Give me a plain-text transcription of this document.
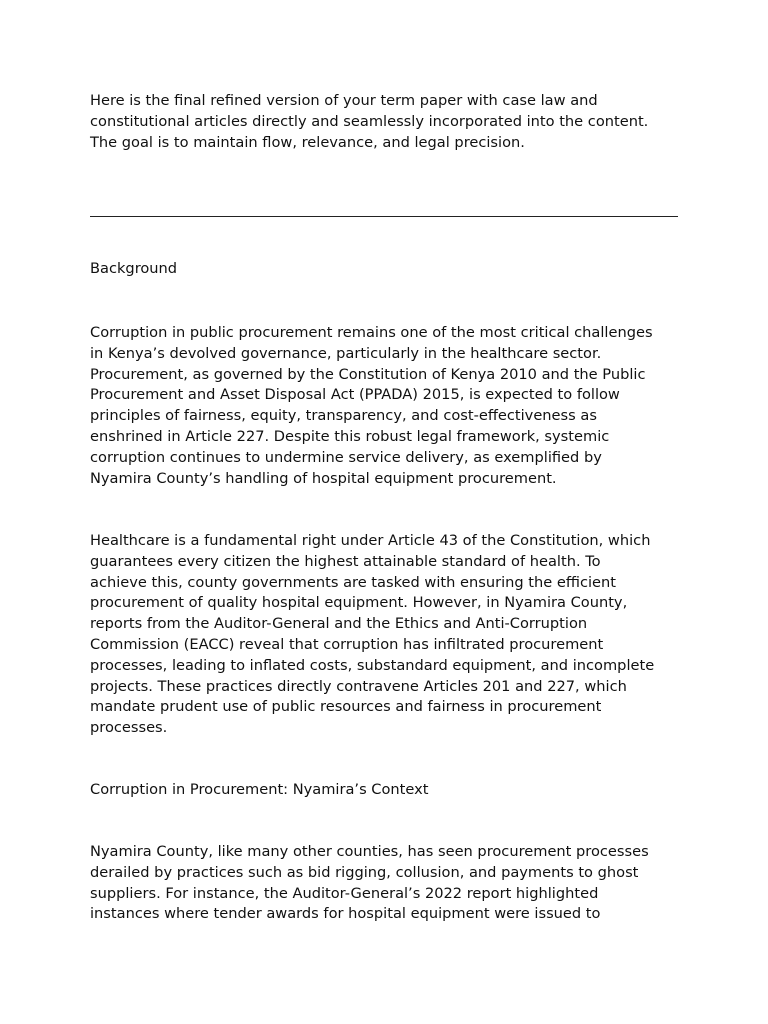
Here is the final refined version of your term paper with case law and
constitutional articles directly and seamlessly incorporated into the content.
The goal is to maintain flow, relevance, and legal precision.

Background

Corruption in public procurement remains one of the most critical challenges
in Kenya’s devolved governance, particularly in the healthcare sector.
Procurement, as governed by the Constitution of Kenya 2010 and the Public
Procurement and Asset Disposal Act (PPADA) 2015, is expected to follow
principles of fairness, equity, transparency, and cost-effectiveness as
enshrined in Article 227. Despite this robust legal framework, systemic
corruption continues to undermine service delivery, as exemplified by
Nyamira County’s handling of hospital equipment procurement.

Healthcare is a fundamental right under Article 43 of the Constitution, which
guarantees every citizen the highest attainable standard of health. To
achieve this, county governments are tasked with ensuring the efficient
procurement of quality hospital equipment. However, in Nyamira County,
reports from the Auditor-General and the Ethics and Anti-Corruption
Commission (EACC) reveal that corruption has infiltrated procurement
processes, leading to inflated costs, substandard equipment, and incomplete
projects. These practices directly contravene Articles 201 and 227, which
mandate prudent use of public resources and fairness in procurement
processes.

Corruption in Procurement: Nyamira’s Context

Nyamira County, like many other counties, has seen procurement processes
derailed by practices such as bid rigging, collusion, and payments to ghost
suppliers. For instance, the Auditor-General’s 2022 report highlighted
instances where tender awards for hospital equipment were issued to
